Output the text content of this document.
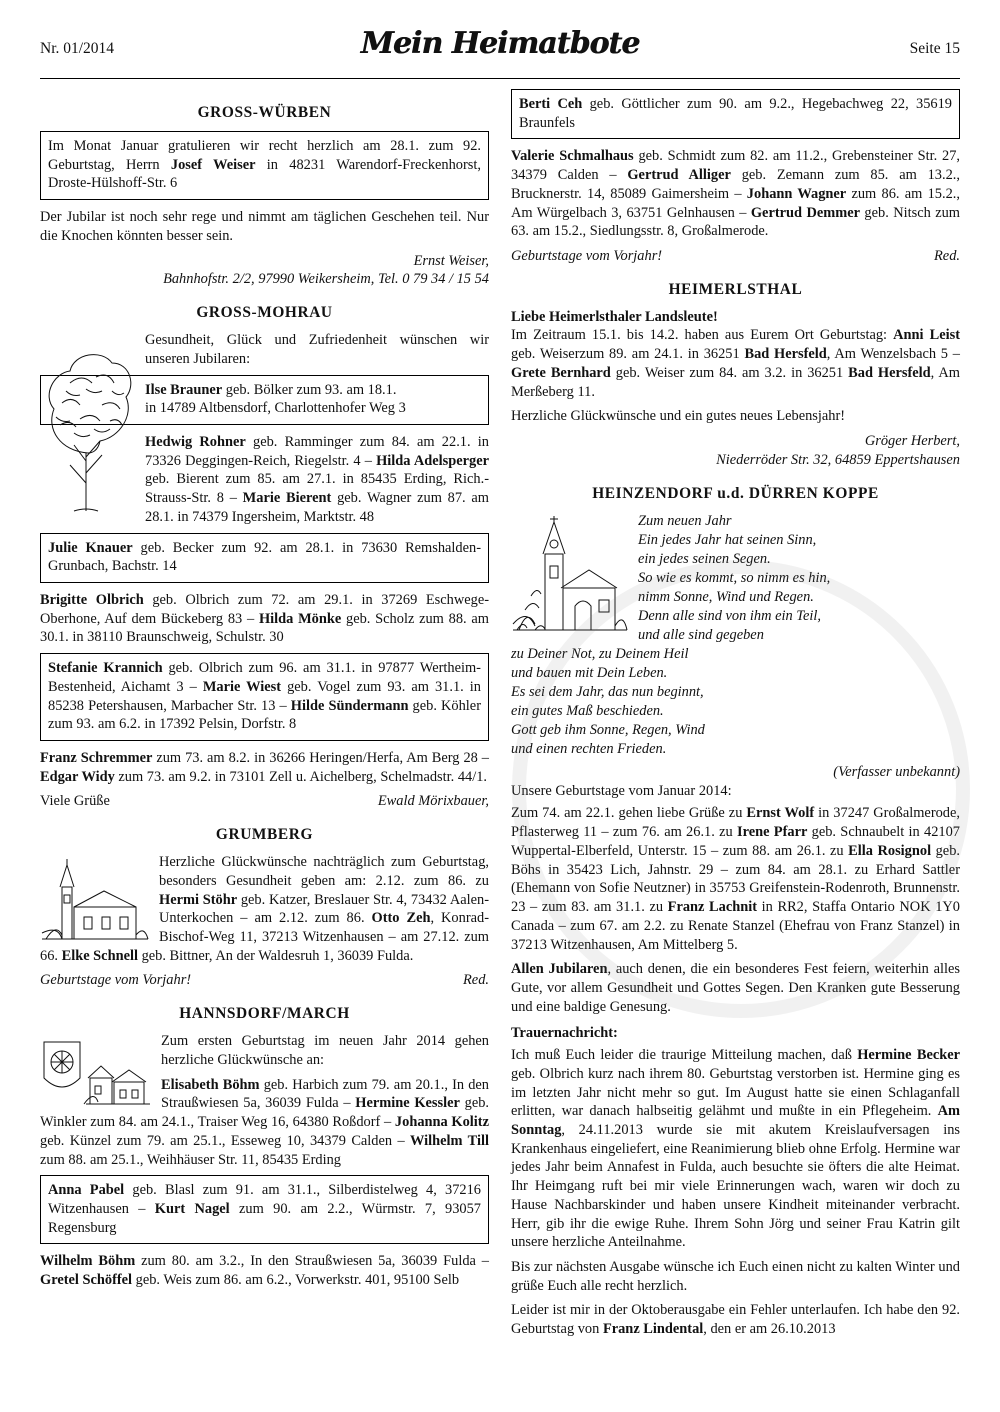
Nr. 01/2014	Mein Heimatbote	Seite 15
GROSS-WÜRBEN
Im Monat Januar gratulieren wir recht herzlich am 28.1. zum 92. Geburtstag, Herrn Josef Weiser in 48231 Warendorf-Freckenhorst, Droste-Hülshoff-Str. 6

Der Jubilar ist noch sehr rege und nimmt am täglichen Geschehen teil. Nur die Knochen könnten besser sein.

Ernst Weiser,
Bahnhofstr. 2/2, 97990 Weikersheim, Tel. 0 79 34 / 15 54
GROSS-MOHRAU

Gesundheit, Glück und Zufriedenheit wünschen wir unseren Jubilaren:

Ilse Brauner geb. Bölker zum 93. am 18.1.
in 14789 Altbensdorf, Charlottenhofer Weg 3

Hedwig Rohner geb. Ramminger zum 84. am 22.1. in 73326 Deggingen-Reich, Riegelstr. 4 – Hilda Adelsperger geb. Bierent zum 85. am 27.1. in 85435 Erding, Rich.-Strauss-Str. 8 – Marie Bierent geb. Wagner zum 87. am 28.1. in 74379 Ingersheim, Marktstr. 48

Julie Knauer geb. Becker zum 92. am 28.1. in 73630 Remshalden-Grunbach, Bachstr. 14

Brigitte Olbrich geb. Olbrich zum 72. am 29.1. in 37269 Eschwege-Oberhone, Auf dem Bückeberg 83 – Hilda Mönke geb. Scholz zum 88. am 30.1. in 38110 Braunschweig, Schulstr. 30

Stefanie Krannich geb. Olbrich zum 96. am 31.1. in 97877 Wertheim-Bestenheid, Aichamt 3 – Marie Wiest geb. Vogel zum 93. am 31.1. in 85238 Petershausen, Marbacher Str. 13 – Hilde Sündermann geb. Köhler zum 93. am 6.2. in 17392 Pelsin, Dorfstr. 8

Franz Schremmer zum 73. am 8.2. in 36266 Heringen/Herfa, Am Berg 28 – Edgar Widy zum 73. am 9.2. in 73101 Zell u. Aichelberg, Schelmadstr. 44/1.

Viele Grüße	Ewald Mörixbauer,
GRUMBERG

Herzliche Glückwünsche nachträglich zum Geburtstag, besonders Gesundheit geben am: 2.12. zum 86. zu Hermi Stöhr geb. Katzer, Breslauer Str. 4, 73432 Aalen-Unterkochen – am 2.12. zum 86. Otto Zeh, Konrad-Bischof-Weg 11, 37213 Witzenhausen – am 27.12. zum 66. Elke Schnell geb. Bittner, An der Waldesruh 1, 36039 Fulda.

Geburtstage vom Vorjahr!	Red.
HANNSDORF/MARCH

Zum ersten Geburtstag im neuen Jahr 2014 gehen herzliche Glückwünsche an:

Elisabeth Böhm geb. Harbich zum 79. am 20.1., In den Straußwiesen 5a, 36039 Fulda – Hermine Kessler geb. Winkler zum 84. am 24.1., Traiser Weg 16, 64380 Roßdorf – Johanna Kolitz geb. Künzel zum 79. am 25.1., Esseweg 10, 34379 Calden – Wilhelm Till zum 88. am 25.1., Weihhäuser Str. 11, 85435 Erding

Anna Pabel geb. Blasl zum 91. am 31.1., Silberdistelweg 4, 37216 Witzenhausen – Kurt Nagel zum 90. am 2.2., Würmstr. 7, 93057 Regensburg

Wilhelm Böhm zum 80. am 3.2., In den Straußwiesen 5a, 36039 Fulda – Gretel Schöffel geb. Weis zum 86. am 6.2., Vorwerkstr. 401, 95100 Selb

Berti Ceh geb. Göttlicher zum 90. am 9.2., Hegebachweg 22, 35619 Braunfels

Valerie Schmalhaus geb. Schmidt zum 82. am 11.2., Grebensteiner Str. 27, 34379 Calden – Gertrud Alliger geb. Zemann zum 85. am 13.2., Brucknerstr. 14, 85089 Gaimersheim – Johann Wagner zum 86. am 15.2., Am Würgelbach 3, 63751 Gelnhausen – Gertrud Demmer geb. Nitsch zum 63. am 15.2., Siedlungsstr. 8, Großalmerode.

Geburtstage vom Vorjahr!	Red.
HEIMERLSTHAL

Liebe Heimerlsthaler Landsleute!

Im Zeitraum 15.1. bis 14.2. haben aus Eurem Ort Geburtstag: Anni Leist geb. Weiserzum 89. am 24.1. in 36251 Bad Hersfeld, Am Wenzelsbach 5 – Grete Bernhard geb. Weiser zum 84. am 3.2. in 36251 Bad Hersfeld, Am Merßeberg 11.

Herzliche Glückwünsche und ein gutes neues Lebensjahr!

Gröger Herbert,
Niederröder Str. 32, 64859 Eppertshausen
HEINZENDORF u.d. DÜRREN KOPPE
Zum neuen Jahr
Ein jedes Jahr hat seinen Sinn,
ein jedes seinen Segen.
So wie es kommt, so nimm es hin,
nimm Sonne, Wind und Regen.
Denn alle sind von ihm ein Teil,
und alle sind gegeben
zu Deiner Not, zu Deinem Heil
und bauen mit Dein Leben.
Es sei dem Jahr, das nun beginnt,
ein gutes Maß beschieden.
Gott geb ihm Sonne, Regen, Wind
und einen rechten Frieden.
(Verfasser unbekannt)

Unsere Geburtstage vom Januar 2014:

Zum 74. am 22.1. gehen liebe Grüße zu Ernst Wolf in 37247 Großalmerode, Pflasterweg 11 – zum 76. am 26.1. zu Irene Pfarr geb. Schnaubelt in 42107 Wuppertal-Elberfeld, Unterstr. 15 – zum 88. am 26.1. zu Ella Rosignol geb. Böhs in 35423 Lich, Jahnstr. 29 – zum 84. am 28.1. zu Erhard Sattler (Ehemann von Sofie Neutzner) in 35753 Greifenstein-Rodenroth, Brunnenstr. 23 – zum 83. am 31.1. zu Franz Lachnit in RR2, Staffa Ontario NOK 1Y0 Canada – zum 67. am 2.2. zu Renate Stanzel (Ehefrau von Franz Stanzel) in 37213 Witzenhausen, Am Mittelberg 5.

Allen Jubilaren, auch denen, die ein besonderes Fest feiern, weiterhin alles Gute, vor allem Gesundheit und Gottes Segen. Den Kranken gute Besserung und eine baldige Genesung.

Trauernachricht:

Ich muß Euch leider die traurige Mitteilung machen, daß Hermine Becker geb. Olbrich kurz nach ihrem 80. Geburtstag verstorben ist. Hermine ging es im letzten Jahr nicht mehr so gut. Im August hatte sie einen Schlaganfall erlitten, war danach halbseitig gelähmt und mußte in ein Pflegeheim. Am Sonntag, 24.11.2013 wurde sie mit akutem Kreislaufversagen ins Krankenhaus eingeliefert, eine Reanimierung blieb ohne Erfolg. Hermine war jedes Jahr beim Annafest in Fulda, auch besuchte sie öfters die alte Heimat. Ihr Heimgang ruft bei mir viele Erinnerungen wach, waren wir doch zu Hause Nachbarskinder und haben unsere Kindheit miteinander verbracht. Herr, gib ihr die ewige Ruhe. Ihrem Sohn Jörg und seiner Frau Katrin gilt unsere herzliche Anteilnahme.

Bis zur nächsten Ausgabe wünsche ich Euch einen nicht zu kalten Winter und grüße Euch alle recht herzlich.

Leider ist mir in der Oktoberausgabe ein Fehler unterlaufen. Ich habe den 92. Geburtstag von Franz Lindental, den er am 26.10.2013
